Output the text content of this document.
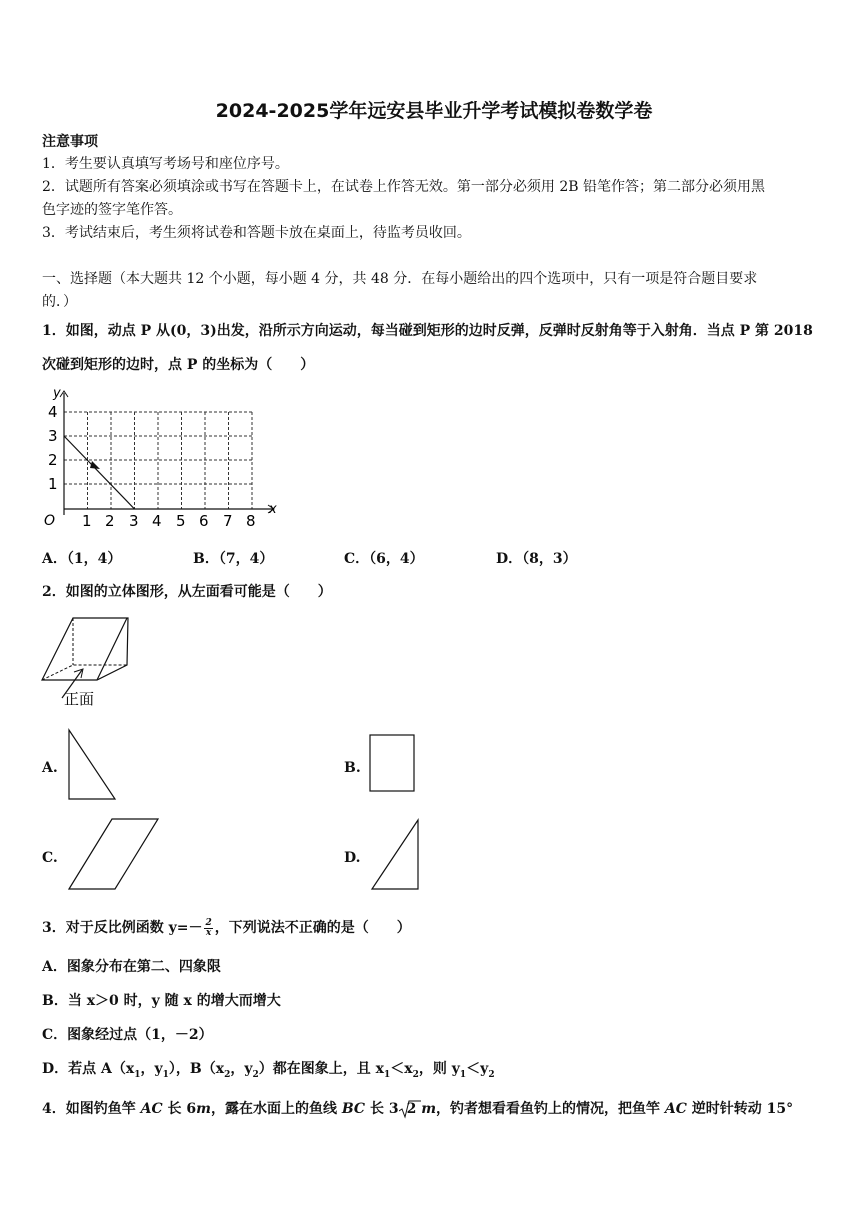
2024-2025学年远安县毕业升学考试模拟卷数学卷
注意事项
1．考生要认真填写考场号和座位序号。
2．试题所有答案必须填涂或书写在答题卡上，在试卷上作答无效。第一部分必须用 2B 铅笔作答；第二部分必须用黑
色字迹的签字笔作答。
3．考试结束后，考生须将试卷和答题卡放在桌面上，待监考员收回。
一、选择题（本大题共 12 个小题，每小题 4 分，共 48 分．在每小题给出的四个选项中，只有一项是符合题目要求
的．）
1．如图，动点 P 从(0，3)出发，沿所示方向运动，每当碰到矩形的边时反弹，反弹时反射角等于入射角．当点 P 第 2018
次碰到矩形的边时，点 P 的坐标为（　　）
y
x
O
4
3
2
1
1 2 3 4 5 6 7 8
A．（1，4）	B．（7，4）	C．（6，4）	D．（8，3）
2．如图的立体图形，从左面看可能是（　　）
正面
A.	B.
C.	D.
3．对于反比例函数 $y=- \frac{2}{x}$ ，下列说法不正确的是（　　）
A．图象分布在第二、四象限
B．当 x＞0 时，y 随 x 的增大而增大
C．图象经过点（1，－2）
D．若点 $A(x_1$，$y_1$），$B(x_2$，$y_2$）都在图象上，且 $x_1<x_2$，则 $y_1<y_2$
4．如图钓鱼竿 AC 长 6m，露在水面上的鱼线 BC 长 3 2 m，钓者想看看鱼钓上的情况，把鱼竿 AC 逆时针转动 15°
